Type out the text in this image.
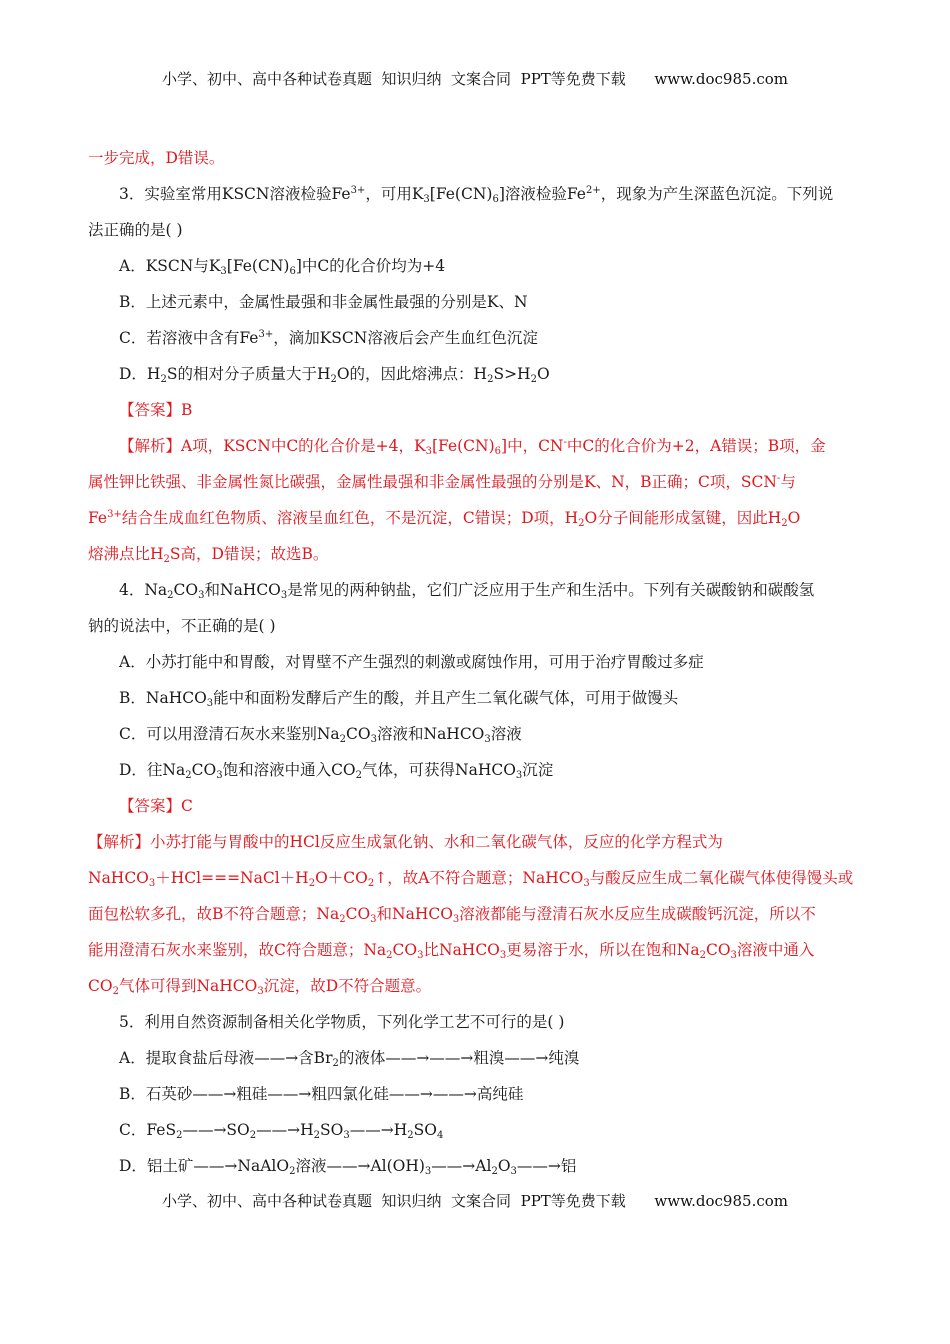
小学、初中、高中各种试卷真题  知识归纳  文案合同  PPT等免费下载      www.doc985.com
一步完成，D错误。
3．实验室常用KSCN溶液检验$Fe^{3+}$，可用$K_3[Fe(CN)_6]$溶液检验$Fe^{2+}$，现象为产生深蓝色沉淀。下列说
法正确的是( )
A．KSCN与$K_3[Fe(CN)_6]$中C的化合价均为+4
B．上述元素中，金属性最强和非金属性最强的分别是K、N
C．若溶液中含有$Fe^{3+}$，滴加KSCN溶液后会产生血红色沉淀
D．$H_2S$的相对分子质量大于$H_2O$的，因此熔沸点：$H_2S>H_2O$
【答案】B
【解析】A项，KSCN中C的化合价是+4，$K_3[Fe(CN)_6]$中，CN-中C的化合价为+2，A错误；B项，金
属性钾比铁强、非金属性氮比碳强，金属性最强和非金属性最强的分别是K、N，B正确；C项，SCN-与
$Fe^{3+}$结合生成血红色物质、溶液呈血红色，不是沉淀，C错误；D项，$H_2O$分子间能形成氢键，因此$H_2O$
熔沸点比$H_2S$高，D错误；故选B。
4．$Na_2CO_3$和NaHCO$_3$是常见的两种钠盐，它们广泛应用于生产和生活中。下列有关碳酸钠和碳酸氢
钠的说法中，不正确的是( )
A．小苏打能中和胃酸，对胃壁不产生强烈的刺激或腐蚀作用，可用于治疗胃酸过多症
B．NaHCO$_3$能中和面粉发酵后产生的酸，并且产生二氧化碳气体，可用于做馒头
C．可以用澄清石灰水来鉴别$Na_2CO_3$溶液和NaHCO$_3$溶液
D．往$Na_2CO_3$饱和溶液中通入$CO_2$气体，可获得NaHCO$_3$沉淀
【答案】C
【解析】小苏打能与胃酸中的HCl反应生成氯化钠、水和二氧化碳气体，反应的化学方程式为
$NaHCO_3+HCl===NaCl+H_2O+CO_2↑$，故A不符合题意；NaHCO$_3$与酸反应生成二氧化碳气体使得馒头或
面包松软多孔，故B不符合题意；$Na_2CO_3$和NaHCO$_3$溶液都能与澄清石灰水反应生成碳酸钙沉淀，所以不
能用澄清石灰水来鉴别，故C符合题意；$Na_2CO_3$比NaHCO$_3$更易溶于水，所以在饱和$Na_2CO_3$溶液中通入
$CO_2$气体可得到NaHCO$_3$沉淀，故D不符合题意。
5．利用自然资源制备相关化学物质，下列化学工艺不可行的是( )
A．提取食盐后母液——→含$Br_2$的液体——→——→粗溴——→纯溴
B．石英砂——→粗硅——→粗四氯化硅——→——→高纯硅
C．$FeS_2——\to SO_2——\to H_2SO_3——\to H_2SO_4$
D．铝土矿——→NaAlO$_2$溶液$——\to Al(OH)_3——\to Al_2O_3——\to$铝
小学、初中、高中各种试卷真题  知识归纳  文案合同  PPT等免费下载      www.doc985.com
